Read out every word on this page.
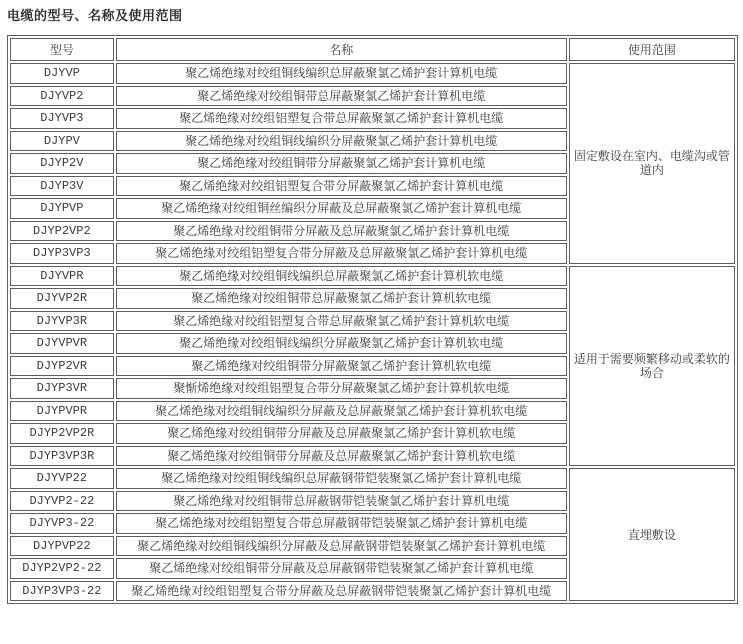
电缆的型号、名称及使用范围
型号	名称	使用范围
DJYVP	聚乙烯绝缘对绞组铜线编织总屏蔽聚氯乙烯护套计算机电缆	固定敷设在室内、电缆沟或管道内
DJYVP2	聚乙烯绝缘对绞组铜带总屏蔽聚氯乙烯护套计算机电缆	
DJYVP3	聚乙烯绝缘对绞组铝塑复合带总屏蔽聚氯乙烯护套计算机电缆	
DJYPV	聚乙烯绝缘对绞组铜线编织分屏蔽聚氯乙烯护套计算机电缆	
DJYP2V	聚乙烯绝缘对绞组铜带分屏蔽聚氯乙烯护套计算机电缆	
DJYP3V	聚乙烯绝缘对绞组铝塑复合带分屏蔽聚氯乙烯护套计算机电缆	
DJYPVP	聚乙烯绝缘对绞组铜丝编织分屏蔽及总屏蔽聚氯乙烯护套计算机电缆	
DJYP2VP2	聚乙烯绝缘对绞组铜带分屏蔽及总屏蔽聚氯乙烯护套计算机电缆	
DJYP3VP3	聚乙烯绝缘对绞组铝塑复合带分屏蔽及总屏蔽聚氯乙烯护套计算机电缆	
DJYVPR	聚乙烯绝缘对绞组铜线编织总屏蔽聚氯乙烯护套计算机软电缆	适用于需要频繁移动或柔软的场合
DJYVP2R	聚乙烯绝缘对绞组铜带总屏蔽聚氯乙烯护套计算机软电缆	
DJYVP3R	聚乙烯绝缘对绞组铝塑复合带总屏蔽聚氯乙烯护套计算机软电缆	
DJYVPVR	聚乙烯绝缘对绞组铜线编织分屏蔽聚氯乙烯护套计算机软电缆	
DJYP2VR	聚乙烯绝缘对绞组铜带分屏蔽聚氯乙烯护套计算机软电缆	
DJYP3VR	聚惭烯绝缘对绞组铝塑复合带分屏蔽聚氯乙烯护套计算机软电缆	
DJYPVPR	聚乙烯绝缘对绞组铜线编织分屏蔽及总屏蔽聚氯乙烯护套计算机软电缆	
DJYP2VP2R	聚乙烯绝缘对绞组铜带分屏蔽及总屏蔽聚氯乙烯护套计算机软电缆	
DJYP3VP3R	聚乙烯绝缘对绞组铜带分屏蔽及总屏蔽聚氯乙烯护套计算机软电缆	
DJYVP22	聚乙烯绝缘对绞组铜线编织总屏蔽钢带铠装聚氯乙烯护套计算机电缆	直埋敷设
DJYVP2-22	聚乙烯绝缘对绞组铜带总屏蔽钢带铠装聚氯乙烯护套计算机电缆	
DJYVP3-22	聚乙烯绝缘对绞组铝塑复合带总屏蔽钢带铠装聚氯乙烯护套计算机电缆	
DJYPVP22	聚乙烯绝缘对绞组铜线编织分屏蔽及总屏蔽钢带铠装聚氯乙烯护套计算机电缆	
DJYP2VP2-22	聚乙烯绝缘对绞组铜带分屏蔽及总屏蔽钢带铠装聚氯乙烯护套计算机电缆	
DJYP3VP3-22	聚乙烯绝缘对绞组铝塑复合带分屏蔽及总屏蔽钢带铠装聚氯乙烯护套计算机电缆	
